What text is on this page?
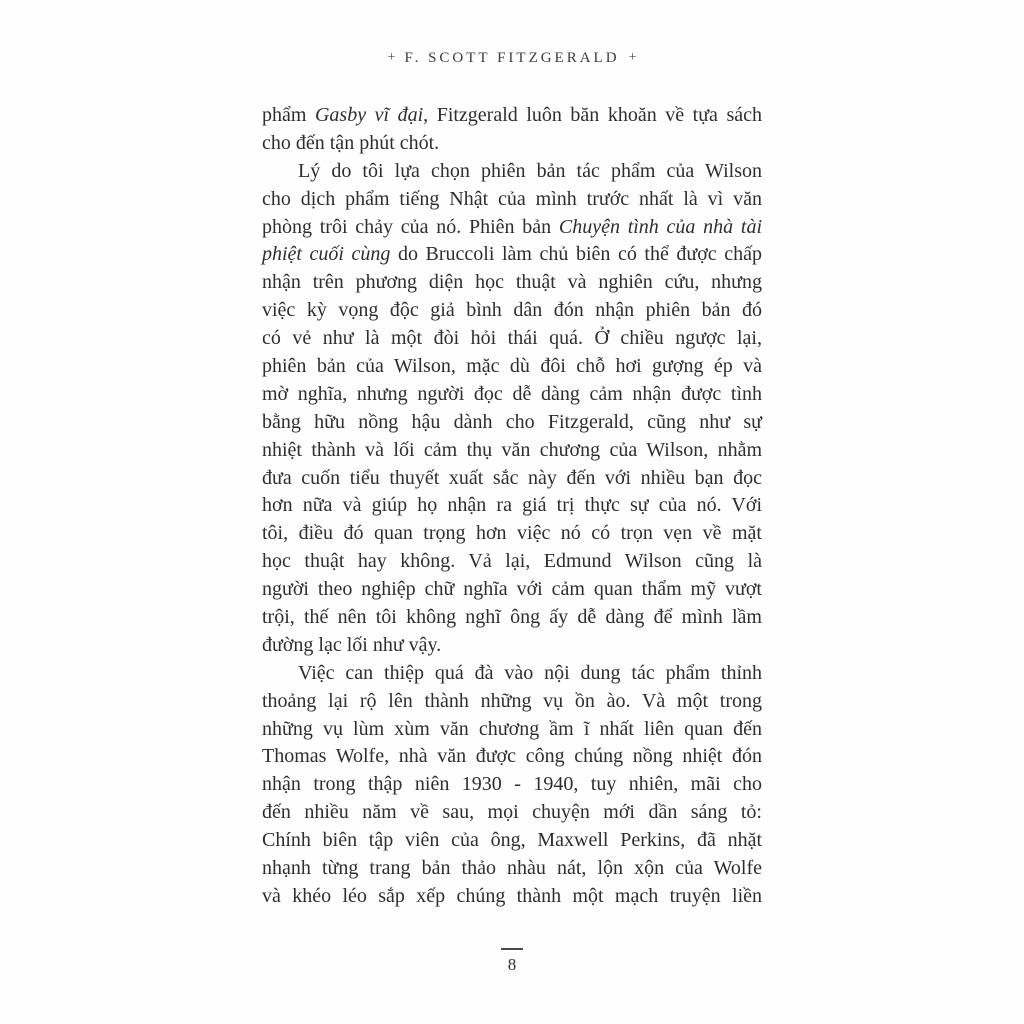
+ F. SCOTT FITZGERALD +
phẩm Gasby vĩ đại, Fitzgerald luôn băn khoăn về tựa sách
cho đến tận phút chót.
Lý do tôi lựa chọn phiên bản tác phẩm của Wilson
cho dịch phẩm tiếng Nhật của mình trước nhất là vì văn
phòng trôi chảy của nó. Phiên bản Chuyện tình của nhà tài
phiệt cuối cùng do Bruccoli làm chủ biên có thể được chấp
nhận trên phương diện học thuật và nghiên cứu, nhưng
việc kỳ vọng độc giả bình dân đón nhận phiên bản đó
có vẻ như là một đòi hỏi thái quá. Ở chiều ngược lại,
phiên bản của Wilson, mặc dù đôi chỗ hơi gượng ép và
mờ nghĩa, nhưng người đọc dễ dàng cảm nhận được tình
bằng hữu nồng hậu dành cho Fitzgerald, cũng như sự
nhiệt thành và lối cảm thụ văn chương của Wilson, nhằm
đưa cuốn tiểu thuyết xuất sắc này đến với nhiều bạn đọc
hơn nữa và giúp họ nhận ra giá trị thực sự của nó. Với
tôi, điều đó quan trọng hơn việc nó có trọn vẹn về mặt
học thuật hay không. Vả lại, Edmund Wilson cũng là
người theo nghiệp chữ nghĩa với cảm quan thẩm mỹ vượt
trội, thế nên tôi không nghĩ ông ấy dễ dàng để mình lầm
đường lạc lối như vậy.
Việc can thiệp quá đà vào nội dung tác phẩm thỉnh
thoảng lại rộ lên thành những vụ ồn ào. Và một trong
những vụ lùm xùm văn chương ầm ĩ nhất liên quan đến
Thomas Wolfe, nhà văn được công chúng nồng nhiệt đón
nhận trong thập niên 1930 - 1940, tuy nhiên, mãi cho
đến nhiều năm về sau, mọi chuyện mới dần sáng tỏ:
Chính biên tập viên của ông, Maxwell Perkins, đã nhặt
nhạnh từng trang bản thảo nhàu nát, lộn xộn của Wolfe
và khéo léo sắp xếp chúng thành một mạch truyện liền
8
